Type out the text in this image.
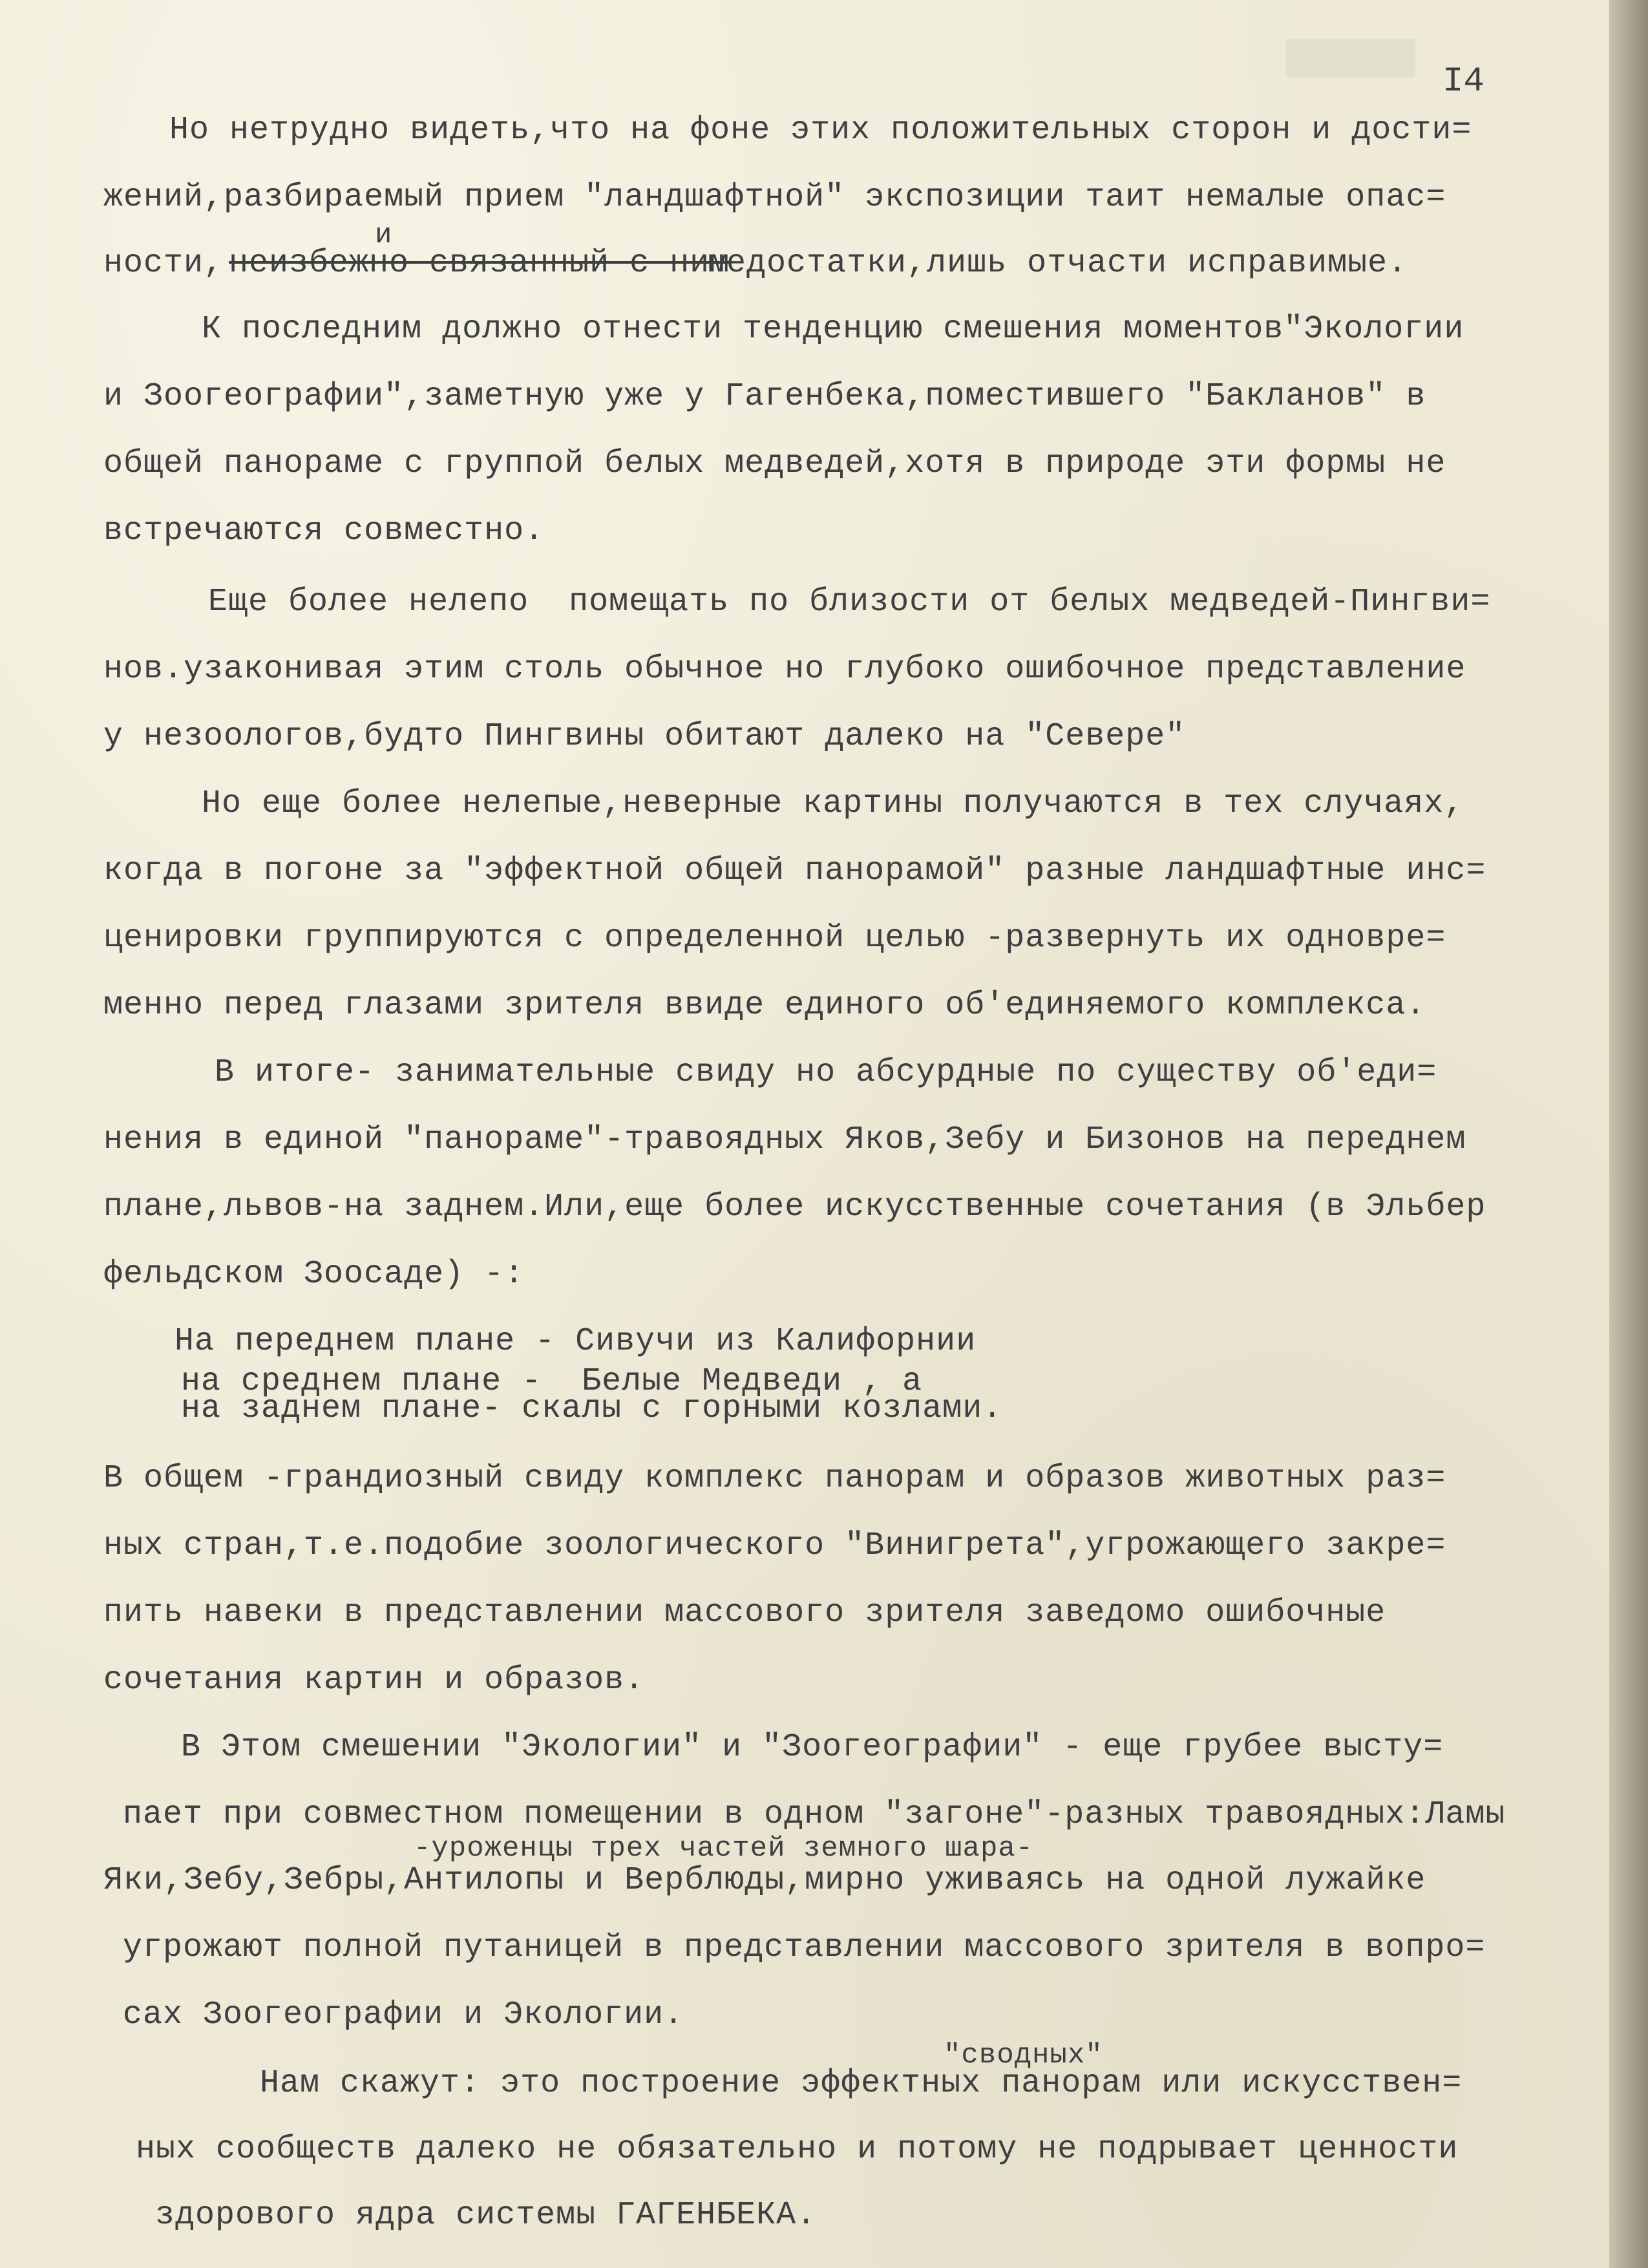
I4

Но нетрудно видеть,что на фоне этих положительных сторон и дости=

жений,разбираемый прием "ландшафтной" экспозиции таит немалые опас=

и

ности, неизбежно связанный с ним

недостатки,лишь отчасти исправимые.

К последним должно отнести тенденцию смешения моментов"Экологии

и Зоогеографии",заметную уже у Гагенбека,поместившего "Бакланов" в

общей панораме с группой белых медведей,хотя в природе эти формы не

встречаются совместно.

Еще более нелепо  помещать по близости от белых медведей-Пингви=

нов.узаконивая этим столь обычное но глубоко ошибочное представление

у незоологов,будто Пингвины обитают далеко на "Севере"

Но еще более нелепые,неверные картины получаются в тех случаях,

когда в погоне за "эффектной общей панорамой" разные ландшафтные инс=

ценировки группируются с определенной целью -развернуть их одновре=

менно перед глазами зрителя ввиде единого об'единяемого комплекса.

В итоге- занимательные свиду но абсурдные по существу об'еди=

нения в единой "панораме"-травоядных Яков,Зебу и Бизонов на переднем

плане,львов-на заднем.Или,еще более искусственные сочетания (в Эльбер

фельдском Зоосаде) -:

На переднем плане - Сивучи из Калифорнии

на среднем плане -  Белые Медведи , а

на заднем плане- скалы с горными козлами.

В общем -грандиозный свиду комплекс панорам и образов животных раз=

ных стран,т.е.подобие зоологического "Винигрета",угрожающего закре=

пить навеки в представлении массового зрителя заведомо ошибочные

сочетания картин и образов.

В Этом смешении "Экологии" и "Зоогеографии" - еще грубее высту=

пает при совместном помещении в одном "загоне"-разных травоядных:Ламы

-уроженцы трех частей земного шара-

Яки,Зебу,Зебры,Антилопы и Верблюды,мирно уживаясь на одной лужайке

угрожают полной путаницей в представлении массового зрителя в вопро=

сах Зоогеографии и Экологии.

"сводных"

Нам скажут: это построение эффектных панорам или искусствен=

ных сообществ далеко не обязательно и потому не подрывает ценности

здорового ядра системы ГАГЕНБЕКА.
